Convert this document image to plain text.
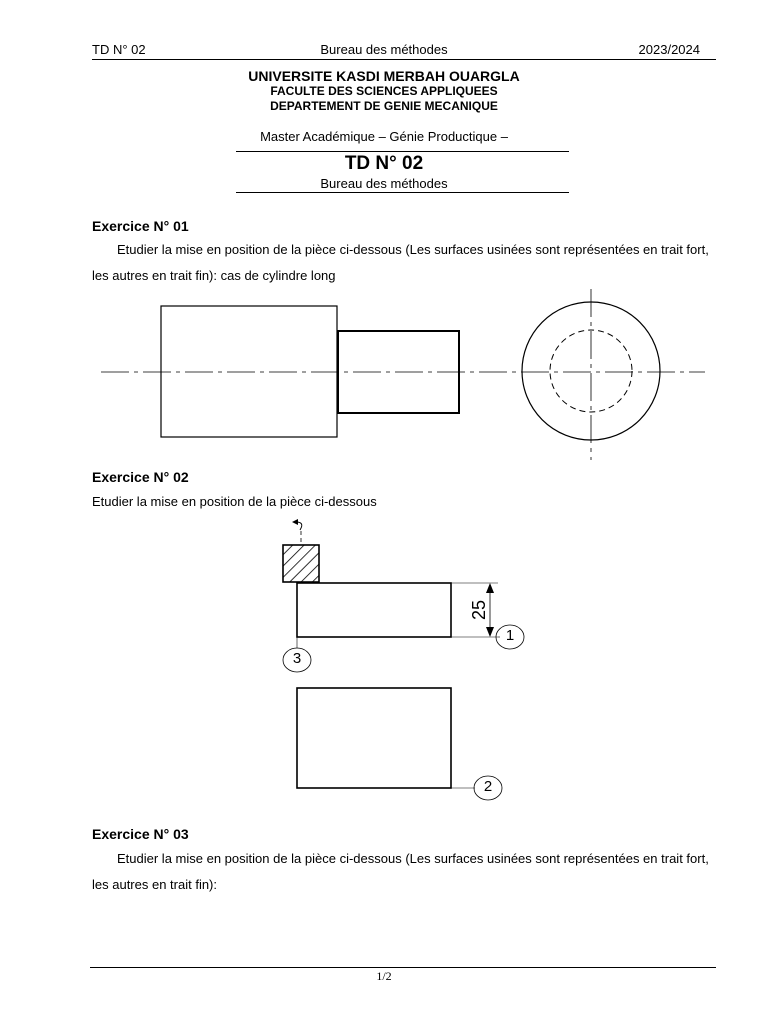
TD N° 02	Bureau des méthodes	2023/2024
UNIVERSITE KASDI MERBAH OUARGLA
FACULTE DES SCIENCES APPLIQUEES
DEPARTEMENT DE GENIE MECANIQUE
Master Académique – Génie Productique –
TD N° 02
Bureau des méthodes
Exercice N° 01
Etudier la mise en position de la pièce ci-dessous (Les surfaces usinées sont représentées en trait fort, les autres en trait fin): cas de cylindre long
Exercice N° 02
Etudier la mise en position de la pièce ci-dessous
25
1
3
2
Exercice N° 03
Etudier la mise en position de la pièce ci-dessous (Les surfaces usinées sont représentées en trait fort, les autres en trait fin):
1/2
